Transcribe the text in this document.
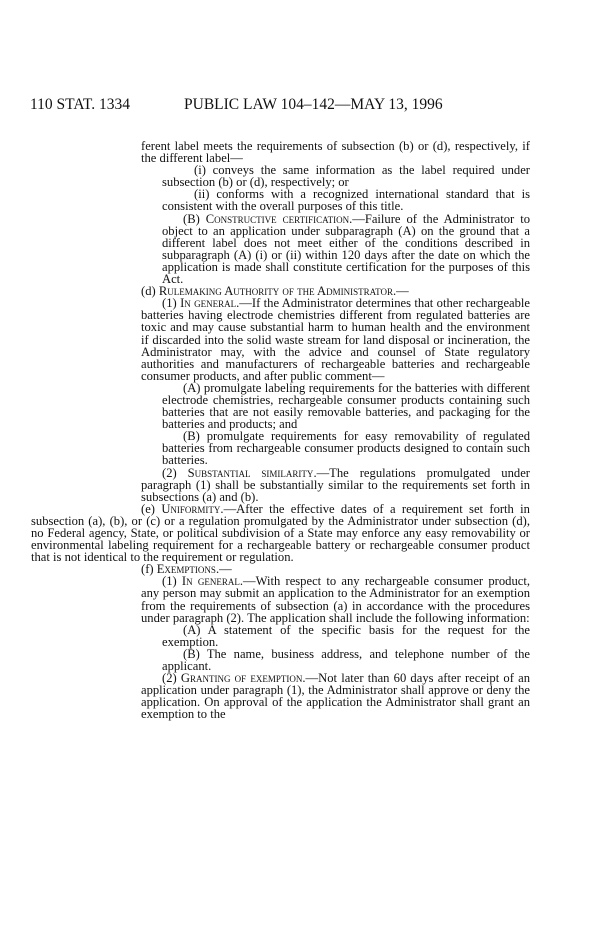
110 STAT. 1334	PUBLIC LAW 104–142—MAY 13, 1996

ferent label meets the requirements of subsection (b) or (d), respectively, if the different label—

(i) conveys the same information as the label required under subsection (b) or (d), respectively; or

(ii) conforms with a recognized international standard that is consistent with the overall purposes of this title.

(B) Constructive certification.—Failure of the Administrator to object to an application under subparagraph (A) on the ground that a different label does not meet either of the conditions described in subparagraph (A) (i) or (ii) within 120 days after the date on which the application is made shall constitute certification for the purposes of this Act.

(d) Rulemaking Authority of the Administrator.—

(1) In general.—If the Administrator determines that other rechargeable batteries having electrode chemistries different from regulated batteries are toxic and may cause substantial harm to human health and the environment if discarded into the solid waste stream for land disposal or incineration, the Administrator may, with the advice and counsel of State regulatory authorities and manufacturers of rechargeable batteries and rechargeable consumer products, and after public comment—

(A) promulgate labeling requirements for the batteries with different electrode chemistries, rechargeable consumer products containing such batteries that are not easily removable batteries, and packaging for the batteries and products; and

(B) promulgate requirements for easy removability of regulated batteries from rechargeable consumer products designed to contain such batteries.

(2) Substantial similarity.—The regulations promulgated under paragraph (1) shall be substantially similar to the requirements set forth in subsections (a) and (b).

(e) Uniformity.—After the effective dates of a requirement set forth in subsection (a), (b), or (c) or a regulation promulgated by the Administrator under subsection (d), no Federal agency, State, or political subdivision of a State may enforce any easy removability or environmental labeling requirement for a rechargeable battery or rechargeable consumer product that is not identical to the requirement or regulation.

(f) Exemptions.—

(1) In general.—With respect to any rechargeable consumer product, any person may submit an application to the Administrator for an exemption from the requirements of subsection (a) in accordance with the procedures under paragraph (2). The application shall include the following information:

(A) A statement of the specific basis for the request for the exemption.

(B) The name, business address, and telephone number of the applicant.

(2) Granting of exemption.—Not later than 60 days after receipt of an application under paragraph (1), the Administrator shall approve or deny the application. On approval of the application the Administrator shall grant an exemption to the
